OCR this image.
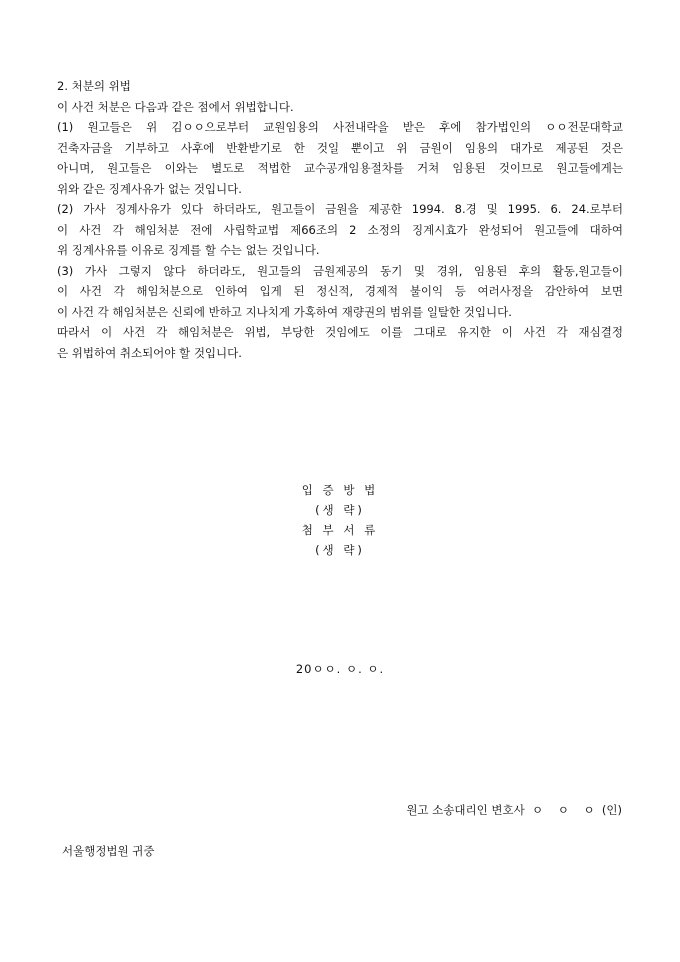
2. 처분의 위법
이 사건 처분은 다음과 같은 점에서 위법합니다.
(1) 원고들은 위 김ㅇㅇ으로부터 교원임용의 사전내락을 받은 후에 참가법인의 ㅇㅇ전문대학교
건축자금을 기부하고 사후에 반환받기로 한 것일 뿐이고 위 금원이 임용의 대가로 제공된 것은
아니며, 원고들은 이와는 별도로 적법한 교수공개임용절차를 거쳐 임용된 것이므로 원고들에게는
위와 같은 징계사유가 없는 것입니다.
(2) 가사 징계사유가 있다 하더라도, 원고들이 금원을 제공한 1994. 8.경 및 1995. 6. 24.로부터
이 사건 각 해임처분 전에 사립학교법 제66조의 2 소정의 징계시효가 완성되어 원고들에 대하여
위 징계사유를 이유로 징계를 할 수는 없는 것입니다.
(3) 가사 그렇지 않다 하더라도, 원고들의 금원제공의 동기 및 경위, 임용된 후의 활동,원고들이
이 사건 각 해임처분으로 인하여 입게 된 정신적, 경제적 불이익 등 여러사정을 감안하여 보면
이 사건 각 해임처분은 신뢰에 반하고 지나치게 가혹하여 재량권의 범위를 일탈한 것입니다.
따라서 이 사건 각 해임처분은 위법, 부당한 것임에도 이를 그대로 유지한 이 사건 각 재심결정
은 위법하여 취소되어야 할 것입니다.
입 증 방 법
(생 략)
첨 부 서 류
(생 략)
20ㅇㅇ. ㅇ. ㅇ.
원고 소송대리인 변호사  ㅇ    ㅇ    ㅇ  (인)
서울행정법원 귀중
